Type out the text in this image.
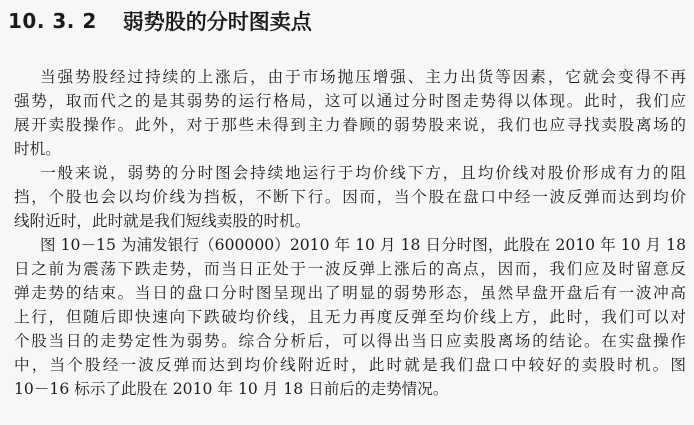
10. 3. 2 弱势股的分时图卖点
当强势股经过持续的上涨后，由于市场抛压增强、主力出货等因素，它就会变得不再
强势，取而代之的是其弱势的运行格局，这可以通过分时图走势得以体现。此时，我们应
展开卖股操作。此外，对于那些未得到主力眷顾的弱势股来说，我们也应寻找卖股离场的
时机。
一般来说，弱势的分时图会持续地运行于均价线下方，且均价线对股价形成有力的阻
挡，个股也会以均价线为挡板，不断下行。因而，当个股在盘口中经一波反弹而达到均价
线附近时，此时就是我们短线卖股的时机。
图 10－15 为浦发银行（600000）2010 年 10 月 18 日分时图，此股在 2010 年 10 月 18
日之前为震荡下跌走势，而当日正处于一波反弹上涨后的高点，因而，我们应及时留意反
弹走势的结束。当日的盘口分时图呈现出了明显的弱势形态，虽然早盘开盘后有一波冲高
上行，但随后即快速向下跌破均价线，且无力再度反弹至均价线上方，此时，我们可以对
个股当日的走势定性为弱势。综合分析后，可以得出当日应卖股离场的结论。在实盘操作
中，当个股经一波反弹而达到均价线附近时，此时就是我们盘口中较好的卖股时机。图
10－16 标示了此股在 2010 年 10 月 18 日前后的走势情况。
